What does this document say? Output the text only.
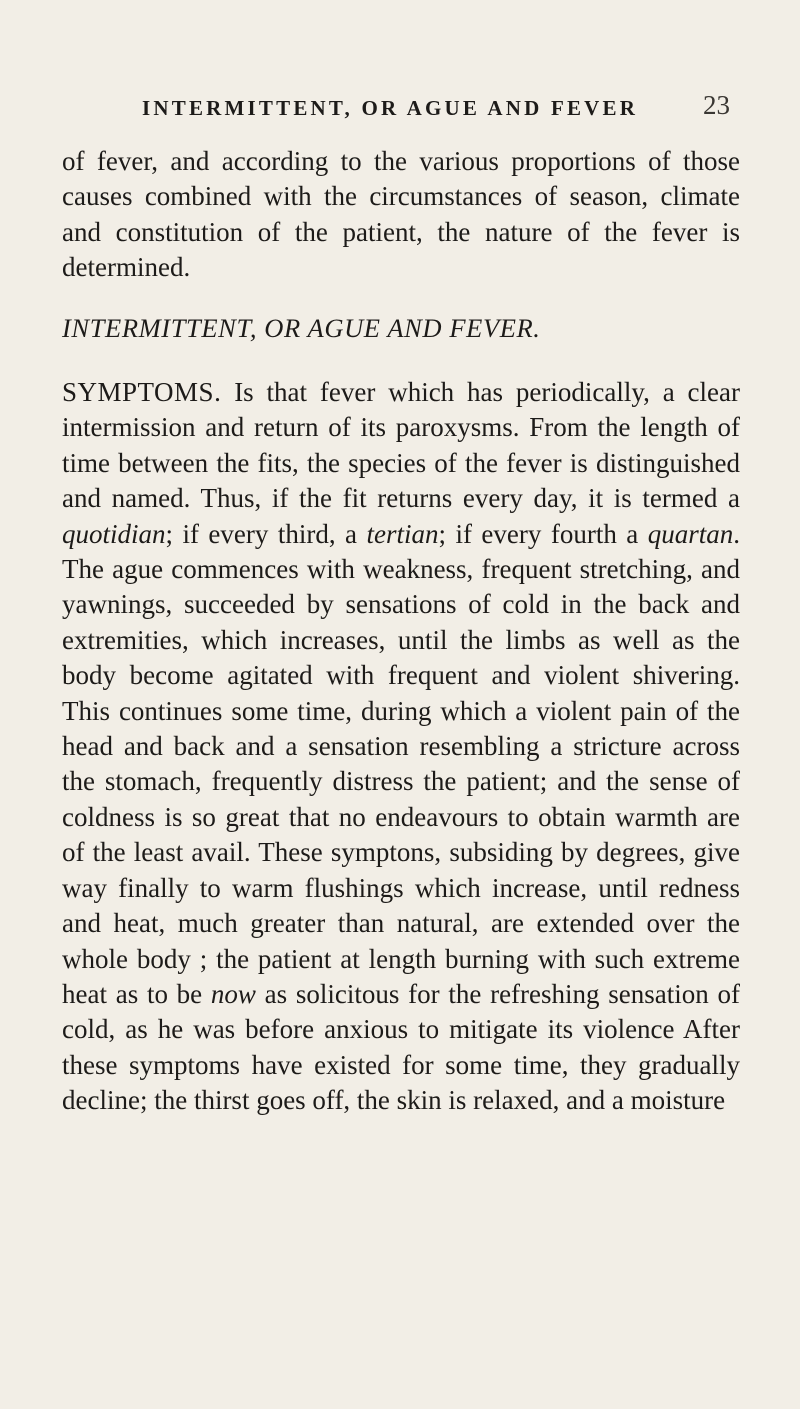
INTERMITTENT, OR AGUE AND FEVER 23

of fever, and according to the various proportions of those causes combined with the circumstances of season, climate and constitution of the patient, the nature of the fever is determined.

INTERMITTENT, OR AGUE AND FEVER.

SYMPTOMS. Is that fever which has periodically, a clear intermission and return of its paroxysms. From the length of time between the fits, the species of the fever is distinguished and named. Thus, if the fit returns every day, it is termed a quotidian; if every third, a tertian; if every fourth a quartan. The ague commences with weakness, frequent stretching, and yawnings, succeeded by sensations of cold in the back and extremities, which increases, until the limbs as well as the body become agitated with frequent and violent shivering. This continues some time, during which a violent pain of the head and back and a sensation resembling a stricture across the stomach, frequently distress the patient; and the sense of coldness is so great that no endeavours to obtain warmth are of the least avail. These symptons, subsiding by degrees, give way finally to warm flushings which increase, until redness and heat, much greater than natural, are extended over the whole body ; the patient at length burning with such extreme heat as to be now as solicitous for the refreshing sensation of cold, as he was before anxious to mitigate its violence After these symptoms have existed for some time, they gradually decline; the thirst goes off, the skin is relaxed, and a moisture
